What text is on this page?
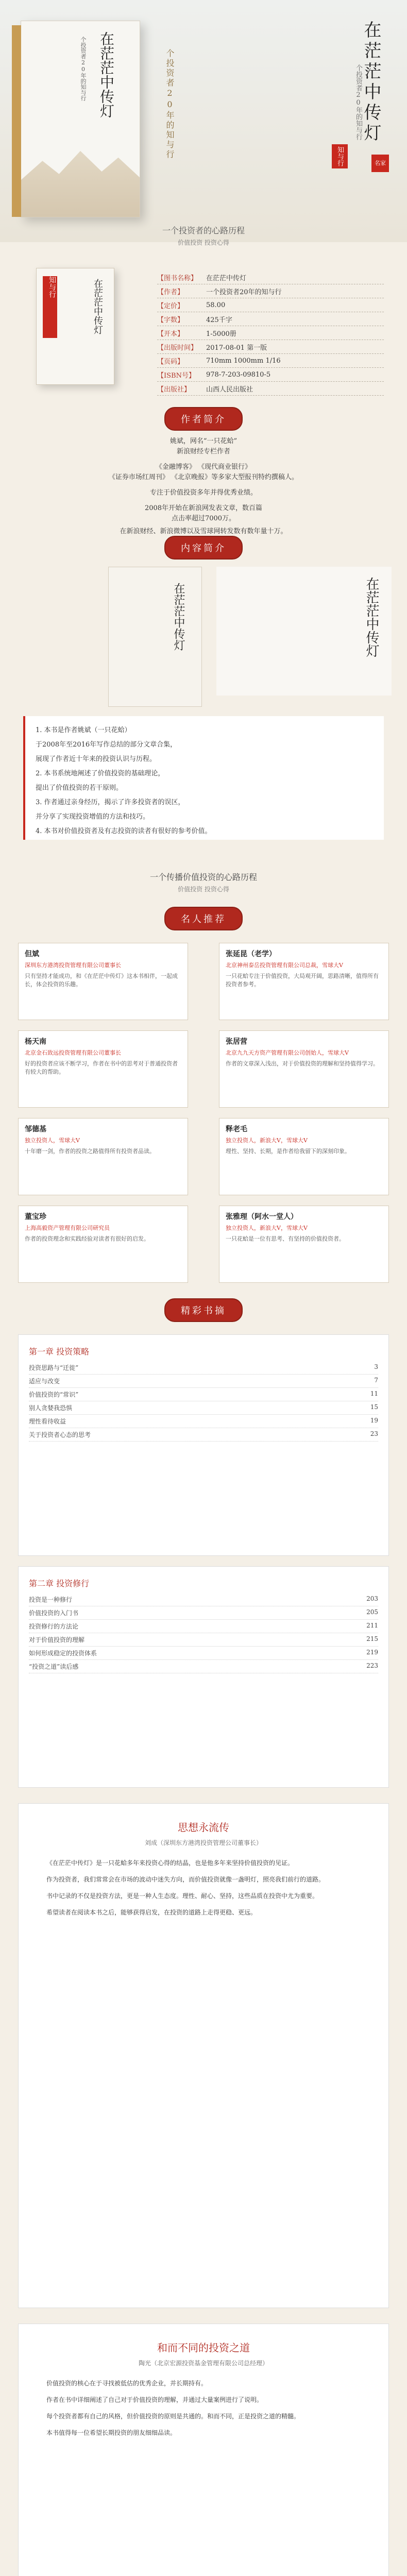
在茫茫中传灯
个投资者20年的知与行	个投资者20年的知与行	在茫茫中传灯
个投资者20年的知与行
知与行	名家
一个投资者的心路历程
价值投资 投资心得
知与行	在茫茫中传灯
【图书名称】	在茫茫中传灯
【作者】	一个投资者20年的知与行
【定价】	58.00
【字数】	425千字
【开本】	1-5000册
【出版时间】	2017-08-01 第一版
【页码】	710mm 1000mm 1/16
【ISBN号】	978-7-203-09810-5
【出版社】	山西人民出版社
作者简介

姚斌，网名“一只花蛤”

新浪财经专栏作者

《金融博客》 《现代商业银行》

《证券市场红周刊》 《北京晚报》等多家大型报刊特约撰稿人。

专注于价值投资多年并得优秀业绩。

2008年开始在新浪网发表文章，数百篇

点击率超过7000万。

在新浪财经、新浪微博以及雪球网转发数有数年量十万。

内容简介
在茫茫中传灯	在茫茫中传灯
1. 本书是作者姚斌（一只花蛤）
于2008年至2016年写作总结的部分文章合集，
展现了作者近十年来的投资认识与历程。
2. 本书系统地阐述了价值投资的基础理论，
提出了价值投资的若干原则。
3. 作者通过亲身经历，揭示了许多投资者的误区，
并分享了实现投资增值的方法和技巧。
4. 本书对价值投资者及有志投资的读者有很好的参考价值。
一个传播价值投资的心路历程
价值投资 投资心得
名人推荐
但斌
深圳东方港湾投资管理有限公司董事长
只有坚持才能成功，和《在茫茫中传灯》这本书相伴，一起成长，体会投资的乐趣。
张延昆（老学）
北京神州泰岳投资管理有限公司总裁，雪球大V
一只花蛤专注于价值投资，大局观开阔，思路清晰，值得所有投资者参考。
杨天南
北京金石致远投资管理有限公司董事长
好的投资者应该不断学习，作者在书中的思考对于普通投资者有较大的帮助。
张居营
北京九九天方资产管理有限公司创始人，雪球大V
作者的文章深入浅出，对于价值投资的理解和坚持值得学习。
邹德基
独立投资人，雪球大V
十年磨一剑，作者的投资之路值得所有投资者品读。
释老毛
独立投资人，新浪大V，雪球大V
理性、坚持、长期，是作者给我留下的深刻印象。
董宝珍
上海高毅资产管理有限公司研究员
作者的投资理念和实践经验对读者有很好的启发。
张雅理（阿水一堂人）
独立投资人，新浪大V，雪球大V
一只花蛤是一位有思考、有坚持的价值投资者。
精彩书摘
第一章 投资策略
投资思路与“迁徙”	3
适应与改变	7
价值投资的“常识”	11
别人贪婪我恐惧	15
理性看待收益	19
关于投资者心态的思考	23
第二章 投资修行
投资是一种修行	203
价值投资的入门书	205
投资修行的方法论	211
对于价值投资的理解	215
如何形成稳定的投资体系	219
“投资之道”读后感	223
思想永流传
刘成（深圳东方港湾投资管理公司董事长）

《在茫茫中传灯》是一只花蛤多年来投资心得的结晶，也是他多年来坚持价值投资的见证。

作为投资者，我们常常会在市场的波动中迷失方向，而价值投资就像一盏明灯，照亮我们前行的道路。

书中记录的不仅是投资方法，更是一种人生态度。理性、耐心、坚持，这些品质在投资中尤为重要。

希望读者在阅读本书之后，能够获得启发，在投资的道路上走得更稳、更远。

和而不同的投资之道
陶光（北京宏源投资基金管理有限公司总经理）

价值投资的核心在于寻找被低估的优秀企业，并长期持有。

作者在书中详细阐述了自己对于价值投资的理解，并通过大量案例进行了说明。

每个投资者都有自己的风格，但价值投资的原则是共通的。和而不同，正是投资之道的精髓。

本书值得每一位希望长期投资的朋友细细品读。
